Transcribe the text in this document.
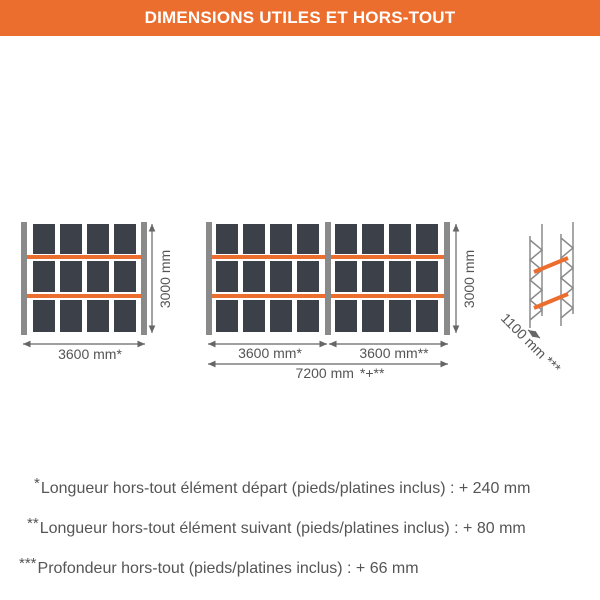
DIMENSIONS UTILES ET HORS-TOUT
3000 mm
3600 mm*
3000 mm
3600 mm*	3600 mm**
7200 mm *+**
1100 mm***
*Longueur hors-tout élément départ (pieds/platines inclus) : + 240 mm
**Longueur hors-tout élément suivant (pieds/platines inclus) : + 80 mm
***Profondeur hors-tout (pieds/platines inclus) : + 66 mm
